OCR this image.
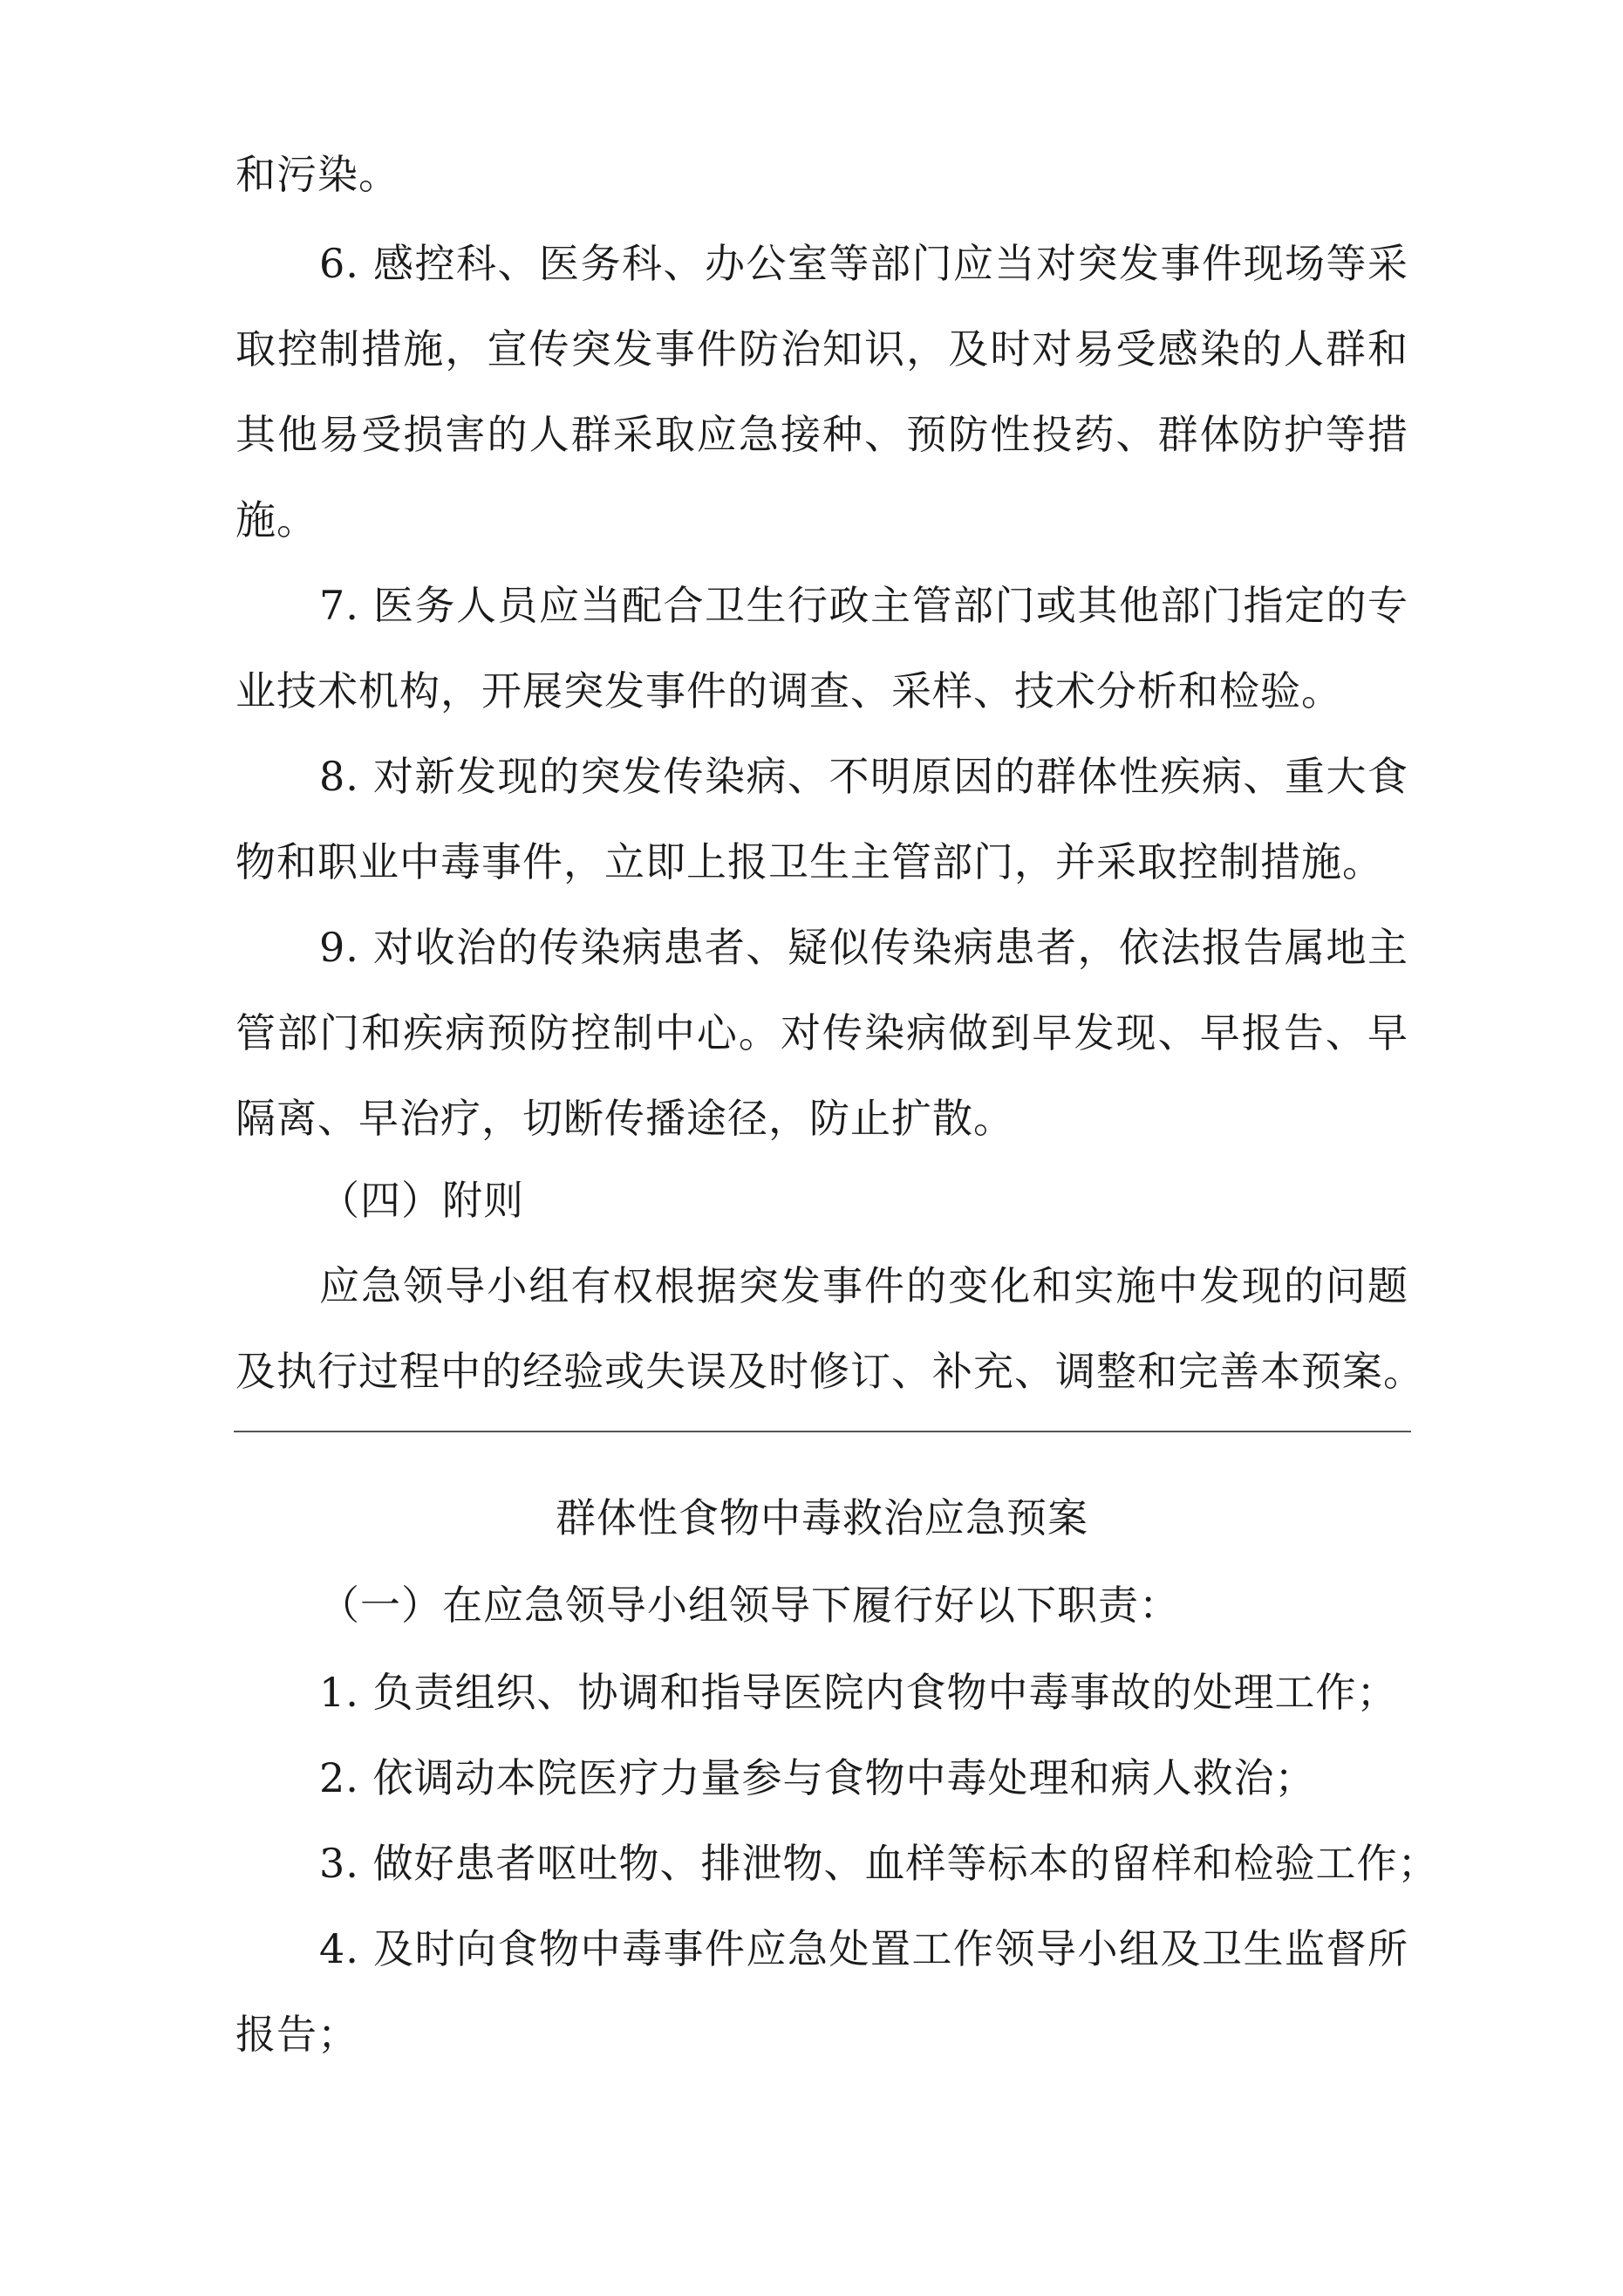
和污染。
6. 感控科、医务科、办公室等部门应当对突发事件现场等采
取控制措施，宣传突发事件防治知识，及时对易受感染的人群和
其他易受损害的人群采取应急接种、预防性投药、群体防护等措
施。
7. 医务人员应当配合卫生行政主管部门或其他部门指定的专
业技术机构，开展突发事件的调查、采样、技术分析和检验。
8. 对新发现的突发传染病、不明原因的群体性疾病、重大食
物和职业中毒事件，立即上报卫生主管部门，并采取控制措施。
9. 对收治的传染病患者、疑似传染病患者，依法报告属地主
管部门和疾病预防控制中心。对传染病做到早发现、早报告、早
隔离、早治疗，切断传播途径，防止扩散。
（四）附则
应急领导小组有权根据突发事件的变化和实施中发现的问题
及执行过程中的经验或失误及时修订、补充、调整和完善本预案。
群体性食物中毒救治应急预案
（一）在应急领导小组领导下履行好以下职责：
1. 负责组织、协调和指导医院内食物中毒事故的处理工作；
2. 依调动本院医疗力量参与食物中毒处理和病人救治；
3. 做好患者呕吐物、排泄物、血样等标本的留样和检验工作；
4. 及时向食物中毒事件应急处置工作领导小组及卫生监督所
报告；
